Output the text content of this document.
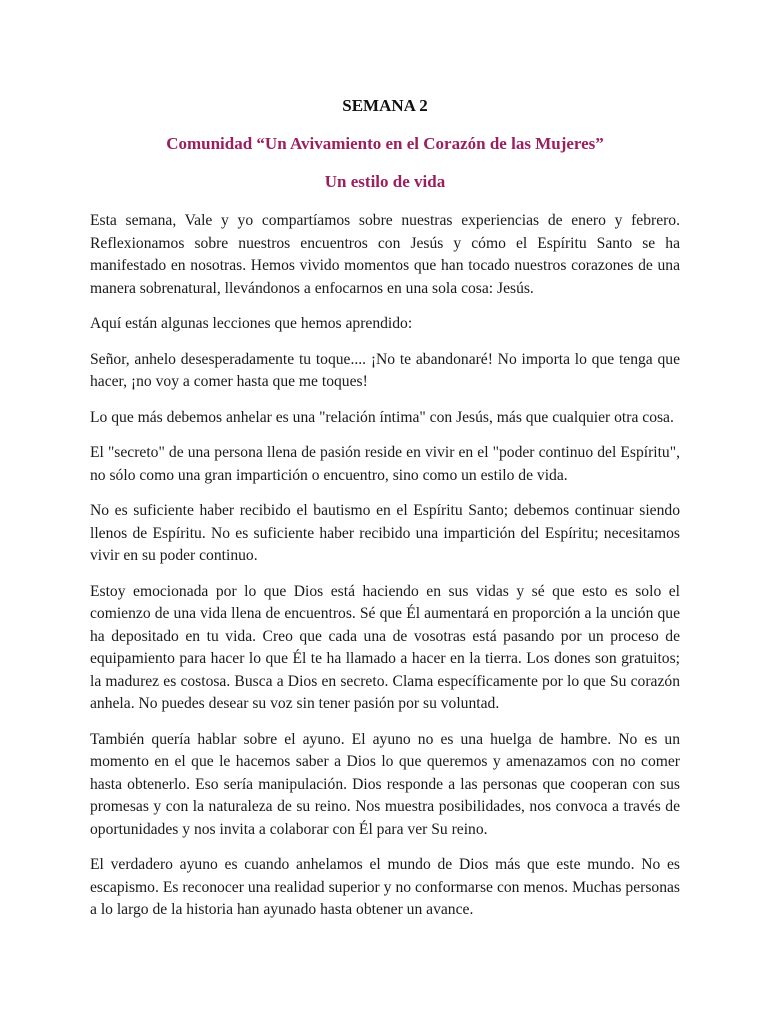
SEMANA 2
Comunidad “Un Avivamiento en el Corazón de las Mujeres”
Un estilo de vida

Esta semana, Vale y yo compartíamos sobre nuestras experiencias de enero y febrero. Reflexionamos sobre nuestros encuentros con Jesús y cómo el Espíritu Santo se ha manifestado en nosotras. Hemos vivido momentos que han tocado nuestros corazones de una manera sobrenatural, llevándonos a enfocarnos en una sola cosa: Jesús.

Aquí están algunas lecciones que hemos aprendido:

Señor, anhelo desesperadamente tu toque.... ¡No te abandonaré! No importa lo que tenga que hacer, ¡no voy a comer hasta que me toques!

Lo que más debemos anhelar es una "relación íntima" con Jesús, más que cualquier otra cosa.

El "secreto" de una persona llena de pasión reside en vivir en el "poder continuo del Espíritu", no sólo como una gran impartición o encuentro, sino como un estilo de vida.

No es suficiente haber recibido el bautismo en el Espíritu Santo; debemos continuar siendo llenos de Espíritu. No es suficiente haber recibido una impartición del Espíritu; necesitamos vivir en su poder continuo.

Estoy emocionada por lo que Dios está haciendo en sus vidas y sé que esto es solo el comienzo de una vida llena de encuentros. Sé que Él aumentará en proporción a la unción que ha depositado en tu vida. Creo que cada una de vosotras está pasando por un proceso de equipamiento para hacer lo que Él te ha llamado a hacer en la tierra. Los dones son gratuitos; la madurez es costosa. Busca a Dios en secreto. Clama específicamente por lo que Su corazón anhela. No puedes desear su voz sin tener pasión por su voluntad.

También quería hablar sobre el ayuno. El ayuno no es una huelga de hambre. No es un momento en el que le hacemos saber a Dios lo que queremos y amenazamos con no comer hasta obtenerlo. Eso sería manipulación. Dios responde a las personas que cooperan con sus promesas y con la naturaleza de su reino. Nos muestra posibilidades, nos convoca a través de oportunidades y nos invita a colaborar con Él para ver Su reino.

El verdadero ayuno es cuando anhelamos el mundo de Dios más que este mundo. No es escapismo. Es reconocer una realidad superior y no conformarse con menos. Muchas personas a lo largo de la historia han ayunado hasta obtener un avance.
